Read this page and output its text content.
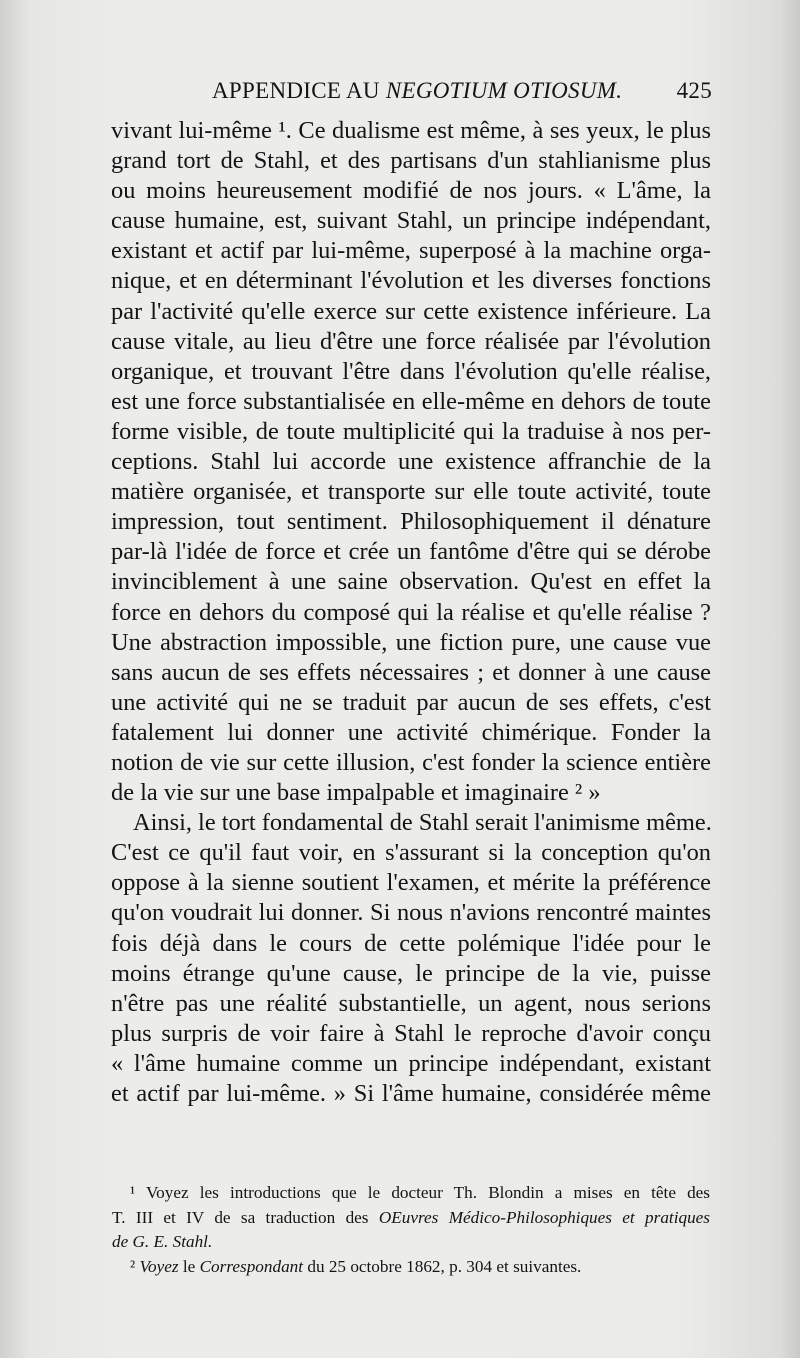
APPENDICE AU NEGOTIUM OTIOSUM. 425
vivant lui-même ¹. Ce dualisme est même, à ses yeux, le plus
grand tort de Stahl, et des partisans d'un stahlianisme plus
ou moins heureusement modifié de nos jours. « L'âme, la
cause humaine, est, suivant Stahl, un principe indépendant,
existant et actif par lui-même, superposé à la machine orga-
nique, et en déterminant l'évolution et les diverses fonctions
par l'activité qu'elle exerce sur cette existence inférieure. La
cause vitale, au lieu d'être une force réalisée par l'évolution
organique, et trouvant l'être dans l'évolution qu'elle réalise,
est une force substantialisée en elle-même en dehors de toute
forme visible, de toute multiplicité qui la traduise à nos per-
ceptions. Stahl lui accorde une existence affranchie de la
matière organisée, et transporte sur elle toute activité, toute
impression, tout sentiment. Philosophiquement il dénature
par-là l'idée de force et crée un fantôme d'être qui se dérobe
invinciblement à une saine observation. Qu'est en effet la
force en dehors du composé qui la réalise et qu'elle réalise ?
Une abstraction impossible, une fiction pure, une cause vue
sans aucun de ses effets nécessaires ; et donner à une cause
une activité qui ne se traduit par aucun de ses effets, c'est
fatalement lui donner une activité chimérique. Fonder la
notion de vie sur cette illusion, c'est fonder la science entière
de la vie sur une base impalpable et imaginaire ² »
Ainsi, le tort fondamental de Stahl serait l'animisme même.
C'est ce qu'il faut voir, en s'assurant si la conception qu'on
oppose à la sienne soutient l'examen, et mérite la préférence
qu'on voudrait lui donner. Si nous n'avions rencontré maintes
fois déjà dans le cours de cette polémique l'idée pour le
moins étrange qu'une cause, le principe de la vie, puisse
n'être pas une réalité substantielle, un agent, nous serions
plus surpris de voir faire à Stahl le reproche d'avoir conçu
« l'âme humaine comme un principe indépendant, existant
et actif par lui-même. » Si l'âme humaine, considérée même
¹ Voyez les introductions que le docteur Th. Blondin a mises en tête des
T. III et IV de sa traduction des OEuvres Médico-Philosophiques et pratiques
de G. E. Stahl.
² Voyez le Correspondant du 25 octobre 1862, p. 304 et suivantes.
